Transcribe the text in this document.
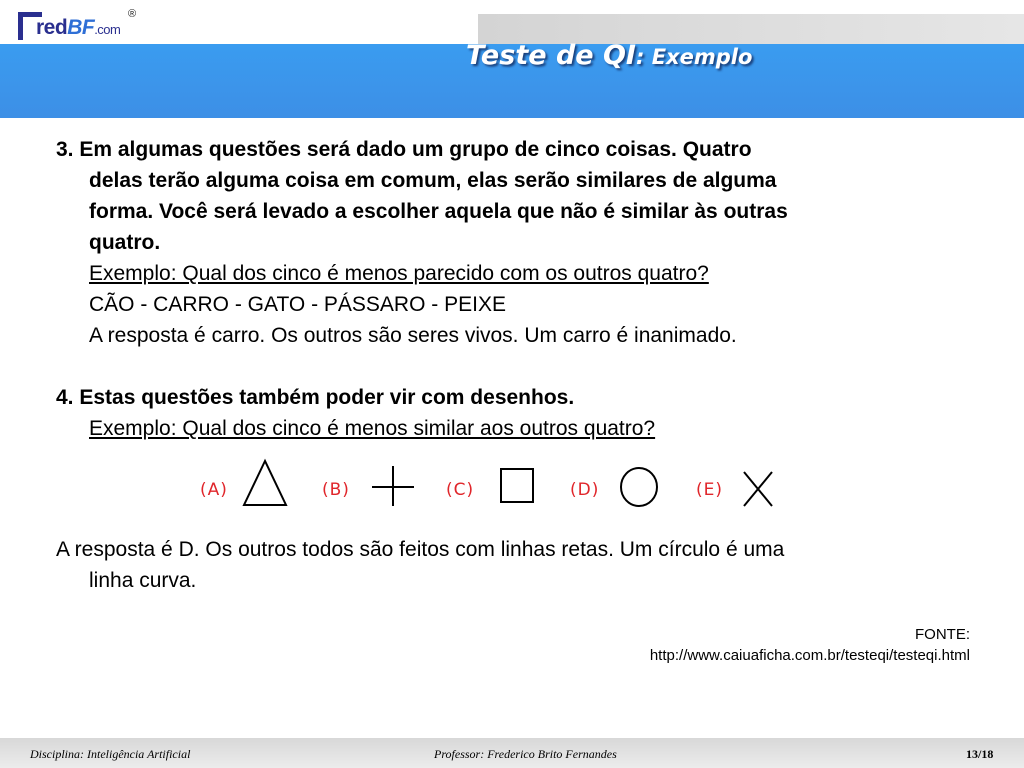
redBF.com
®
Teste de QI: Exemplo
3. Em algumas questões será dado um grupo de cinco coisas. Quatro
delas terão alguma coisa em comum, elas serão similares de alguma
forma. Você será levado a escolher aquela que não é similar às outras
quatro.
Exemplo: Qual dos cinco é menos parecido com os outros quatro?
CÃO - CARRO - GATO - PÁSSARO - PEIXE
A resposta é carro. Os outros são seres vivos. Um carro é inanimado.
4. Estas questões também poder vir com desenhos.
Exemplo: Qual dos cinco é menos similar aos outros quatro?
(A)	(B)	(C)	(D)	(E)
A resposta é D. Os outros todos são feitos com linhas retas. Um círculo é uma
linha curva.
FONTE:
http://www.caiuaficha.com.br/testeqi/testeqi.html
Disciplina: Inteligência Artificial	Professor: Frederico Brito Fernandes	13/18
